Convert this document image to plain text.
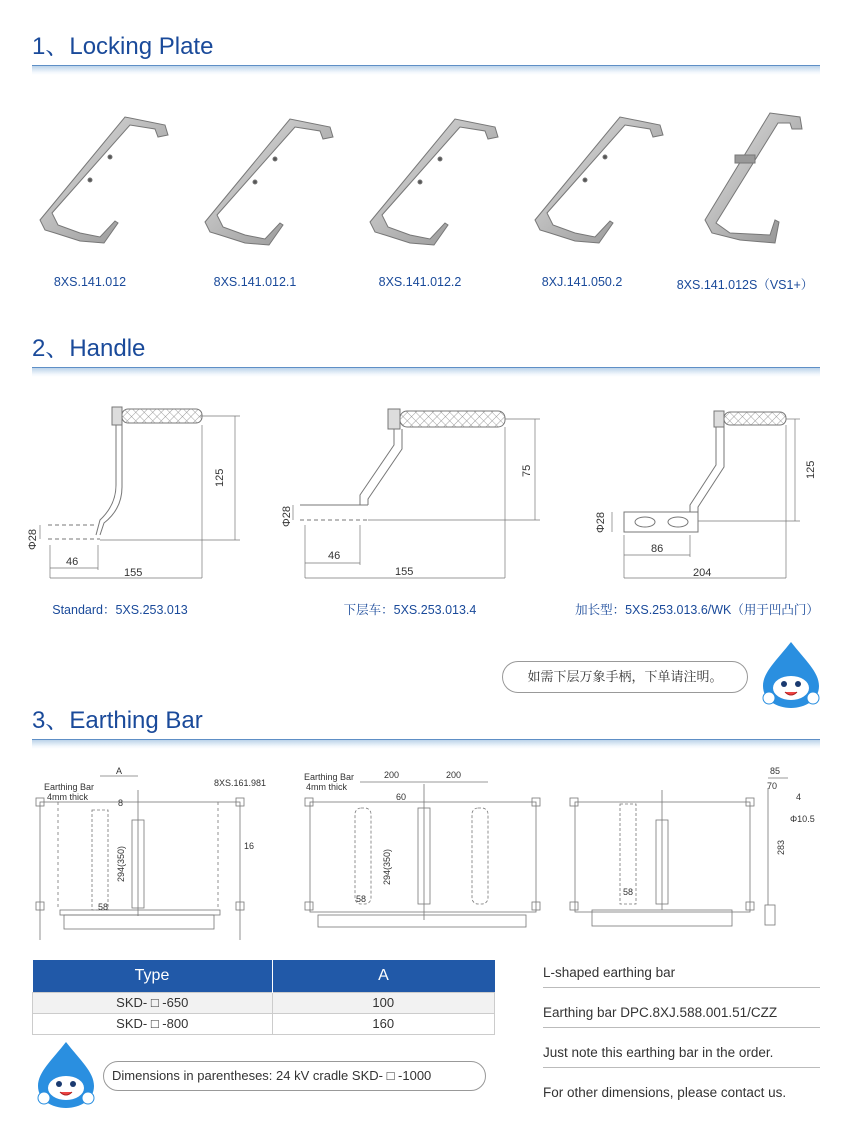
1、Locking Plate
8XS.141.012	8XS.141.012.1	8XS.141.012.2	8XJ.141.050.2	8XS.141.012S（VS1+）
2、Handle
125
Φ28
46
155
75
Φ28
46
155
125
Φ28
86
204
Standard：5XS.253.013	下层车：5XS.253.013.4	加长型：5XS.253.013.6/WK（用于凹凸门）
如需下层万象手柄，下单请注明。
3、Earthing Bar
Earthing Bar
4mm thick
A
8
294(350)
58
8XS.161.981
16
Earthing Bar
4mm thick
200	200
60
294(350)
58
85
70
4
Φ10.5
283
58
Type	A
SKD- □ -650	100
SKD- □ -800	160
Dimensions in parentheses: 24 kV cradle SKD- □ -1000
L-shaped earthing bar
Earthing bar DPC.8XJ.588.001.51/CZZ
Just note this earthing bar in the order.
For other dimensions, please contact us.
